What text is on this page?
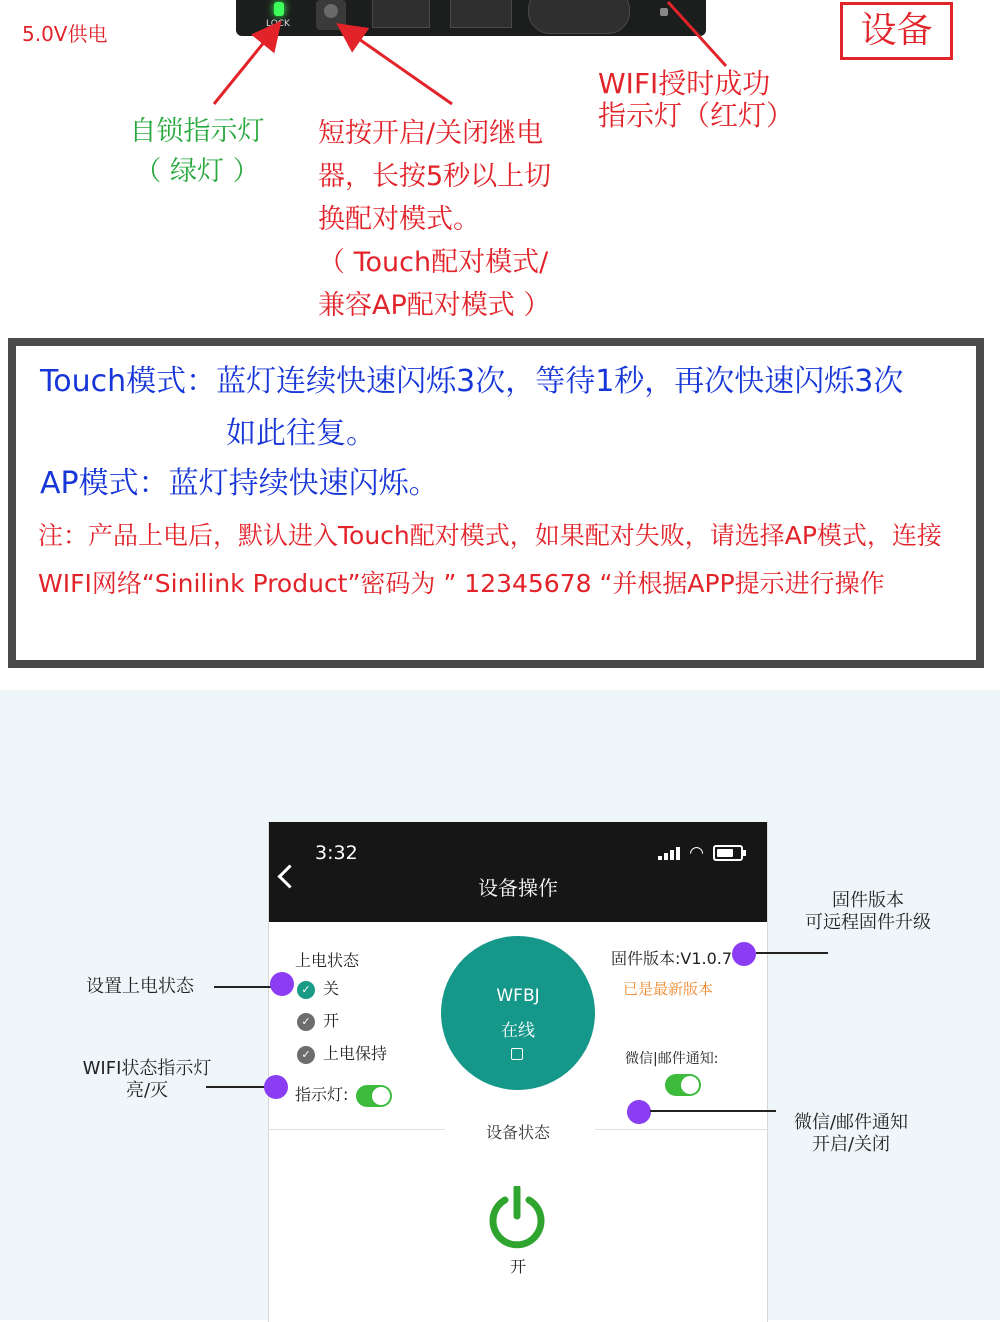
LOCK
5.0V供电	设备
自锁指示灯
（ 绿灯 ）
短按开启/关闭继电
器，长按5秒以上切
换配对模式。
（ Touch配对模式/
兼容AP配对模式 ）
WIFI授时成功
指示灯（红灯）
Touch模式：蓝灯连续快速闪烁3次，等待1秒，再次快速闪烁3次
如此往复。
AP模式：蓝灯持续快速闪烁。
注：产品上电后，默认进入Touch配对模式，如果配对失败，请选择AP模式，连接WIFI网络“Sinilink Product”密码为 ” 12345678 “并根据APP提示进行操作
3:32	◠
设备操作
上电状态
✓ 关
✓ 开
✓ 上电保持
指示灯:
WFBJ
在线
固件版本:V1.0.7
已是最新版本
微信|邮件通知:
设备状态
开
设置上电状态
WIFI状态指示灯
亮/灭
固件版本
可远程固件升级
微信/邮件通知
开启/关闭
